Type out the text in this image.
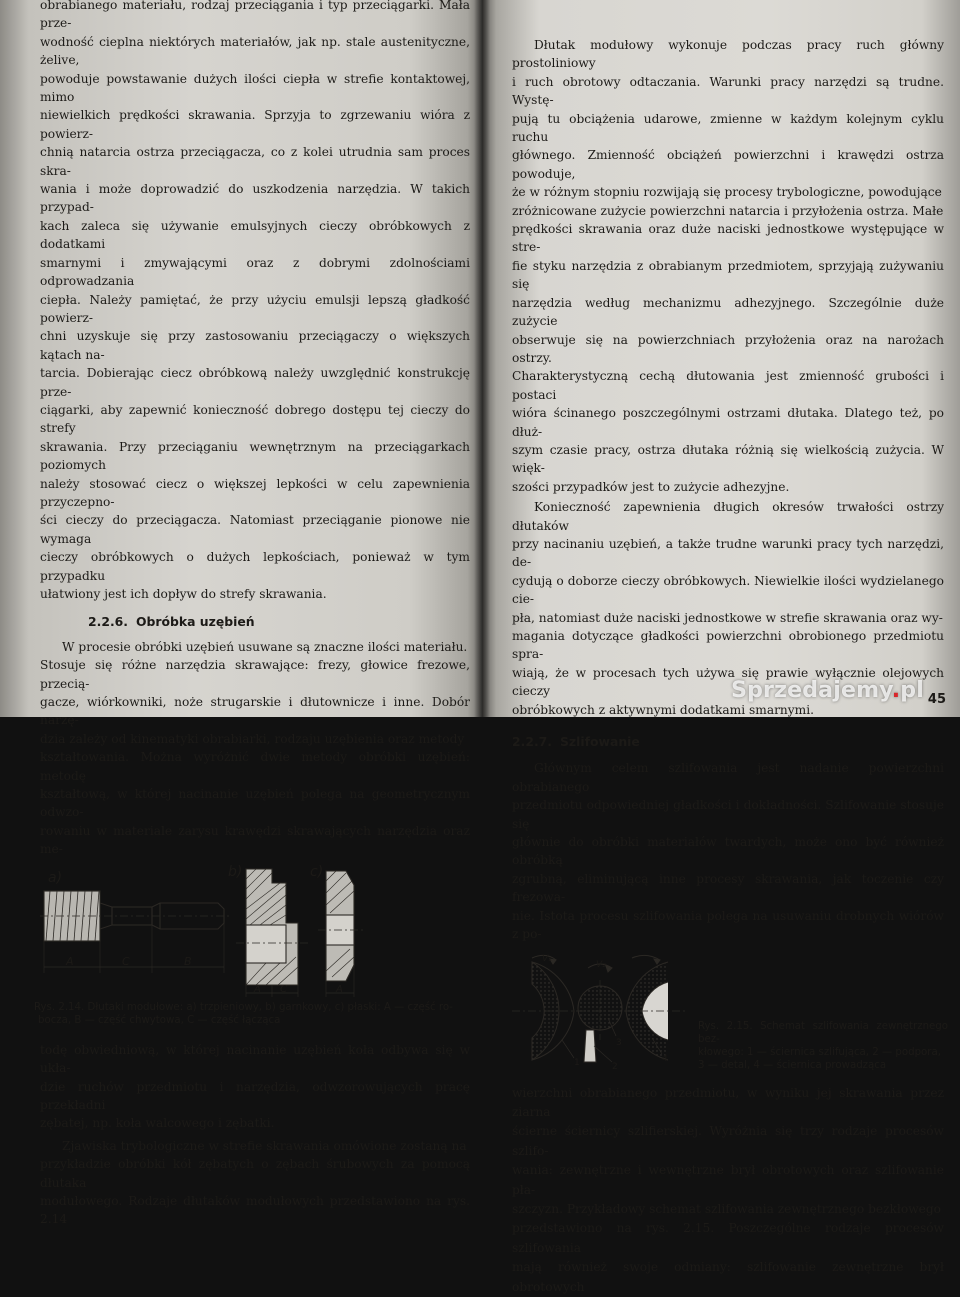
obrabianego materiału, rodzaj przeciągania i typ przeciągarki. Mała prze-
wodność cieplna niektórych materiałów, jak np. stale austenityczne, żelive,
powoduje powstawanie dużych ilości ciepła w strefie kontaktowej, mimo
niewielkich prędkości skrawania. Sprzyja to zgrzewaniu wióra z powierz-
chnią natarcia ostrza przeciągacza, co z kolei utrudnia sam proces skra-
wania i może doprowadzić do uszkodzenia narzędzia. W takich przypad-
kach zaleca się używanie emulsyjnych cieczy obróbkowych z dodatkami
smarnymi i zmywającymi oraz z dobrymi zdolnościami odprowadzania
ciepła. Należy pamiętać, że przy użyciu emulsji lepszą gładkość powierz-
chni uzyskuje się przy zastosowaniu przeciągaczy o większych kątach na-
tarcia. Dobierając ciecz obróbkową należy uwzględnić konstrukcję prze-
ciągarki, aby zapewnić konieczność dobrego dostępu tej cieczy do strefy
skrawania. Przy przeciąganiu wewnętrznym na przeciągarkach poziomych
należy stosować ciecz o większej lepkości w celu zapewnienia przyczepno-
ści cieczy do przeciągacza. Natomiast przeciąganie pionowe nie wymaga
cieczy obróbkowych o dużych lepkościach, ponieważ w tym przypadku
ułatwiony jest ich dopływ do strefy skrawania.

2.2.6. Obróbka uzębień

W procesie obróbki uzębień usuwane są znaczne ilości materiału.
Stosuje się różne narzędzia skrawające: frezy, głowice frezowe, przecią-
gacze, wiórkowniki, noże strugarskie i dłutownicze i inne. Dobór narzę-
dzia zależy od kinematyki obrabiarki, rodzaju uzębienia oraz metody
kształtowania. Można wyróżnić dwie metody obróbki uzębień: metodę
kształtową, w której nacinanie uzębień polega na geometrycznym odwzo-
rowaniu w materiale zarysu krawędzi skrawających narzędzia oraz me-

a)	b)	c)
A	C	B
A C	A
Rys. 2.14. Dłutaki modułowe: a) trzpieniowy, b) garnkowy, c) płaski: A — część ro-
bocza, B — część chwytowa, C — część łącząca

todę obwiedniową, w której nacinanie uzębień koła odbywa się w ukła-
dzie ruchów przedmiotu i narzędzia, odwzorowujących pracę przekładni
zębatej, np. koła walcowego i zębatki.

Zjawiska trybologiczne w strefie skrawania omówione zostaną na
przykładzie obróbki kół zębatych o zębach śrubowych za pomocą dłutaka
modułowego. Rodzaje dłutaków modułowych przedstawiono na rys. 2.14

Dłutak modułowy wykonuje podczas pracy ruch główny prostoliniowy
i ruch obrotowy odtaczania. Warunki pracy narzędzi są trudne. Wystę-
pują tu obciążenia udarowe, zmienne w każdym kolejnym cyklu ruchu
głównego. Zmienność obciążeń powierzchni i krawędzi ostrza powoduje,
że w różnym stopniu rozwijają się procesy trybologiczne, powodujące
zróżnicowane zużycie powierzchni natarcia i przyłożenia ostrza. Małe
prędkości skrawania oraz duże naciski jednostkowe występujące w stre-
fie styku narzędzia z obrabianym przedmiotem, sprzyjają zużywaniu się
narzędzia według mechanizmu adhezyjnego. Szczególnie duże zużycie
obserwuje się na powierzchniach przyłożenia oraz na narożach ostrzy.
Charakterystyczną cechą dłutowania jest zmienność grubości i postaci
wióra ścinanego poszczególnymi ostrzami dłutaka. Dlatego też, po dłuż-
szym czasie pracy, ostrza dłutaka różnią się wielkością zużycia. W więk-
szości przypadków jest to zużycie adhezyjne.

Konieczność zapewnienia długich okresów trwałości ostrzy dłutaków
przy nacinaniu uzębień, a także trudne warunki pracy tych narzędzi, de-
cydują o doborze cieczy obróbkowych. Niewielkie ilości wydzielanego cie-
pła, natomiast duże naciski jednostkowe w strefie skrawania oraz wy-
magania dotyczące gładkości powierzchni obrobionego przedmiotu spra-
wiają, że w procesach tych używa się prawie wyłącznie olejowych cieczy
obróbkowych z aktywnymi dodatkami smarnymi.

2.2.7. Szlifowanie

Głównym celem szlifowania jest nadanie powierzchni obrabianego
przedmiotu odpowiedniej gładkości i dokładności. Szlifowanie stosuje się
głównie do obróbki materiałów twardych, może ono być również obróbką
zgrubną, eliminującą inne procesy skrawania, jak toczenie czy frezowa-
nie. Istota procesu szlifowania polega na usuwaniu drobnych wiórów z po-

V₁
V₂
1	2
3
4
Rys. 2.15. Schemat szlifowania zewnętrznego bez-
kłowego: 1 — ściernica szlifująca, 2 — podpora,
3 — detal, 4 — ściernica prowadząca

wierzchni obrabianego przedmiotu, w wyniku jej skrawania przez ziarna
ścierne ściernicy szlifierskiej. Wyróżnia się trzy rodzaje procesów szlifo-
wania: zewnętrzne i wewnętrzne brył obrotowych oraz szlifowanie pła-
szczyzn. Przykładowy schemat szlifowania zewnętrznego bezkłowego
przedstawiono na rys. 2.15. Poszczególne rodzaje procesów szlifowania
mają również swoje odmiany: szlifowanie zewnętrzne brył obrotowych

45
Sprzedajemy.pl
